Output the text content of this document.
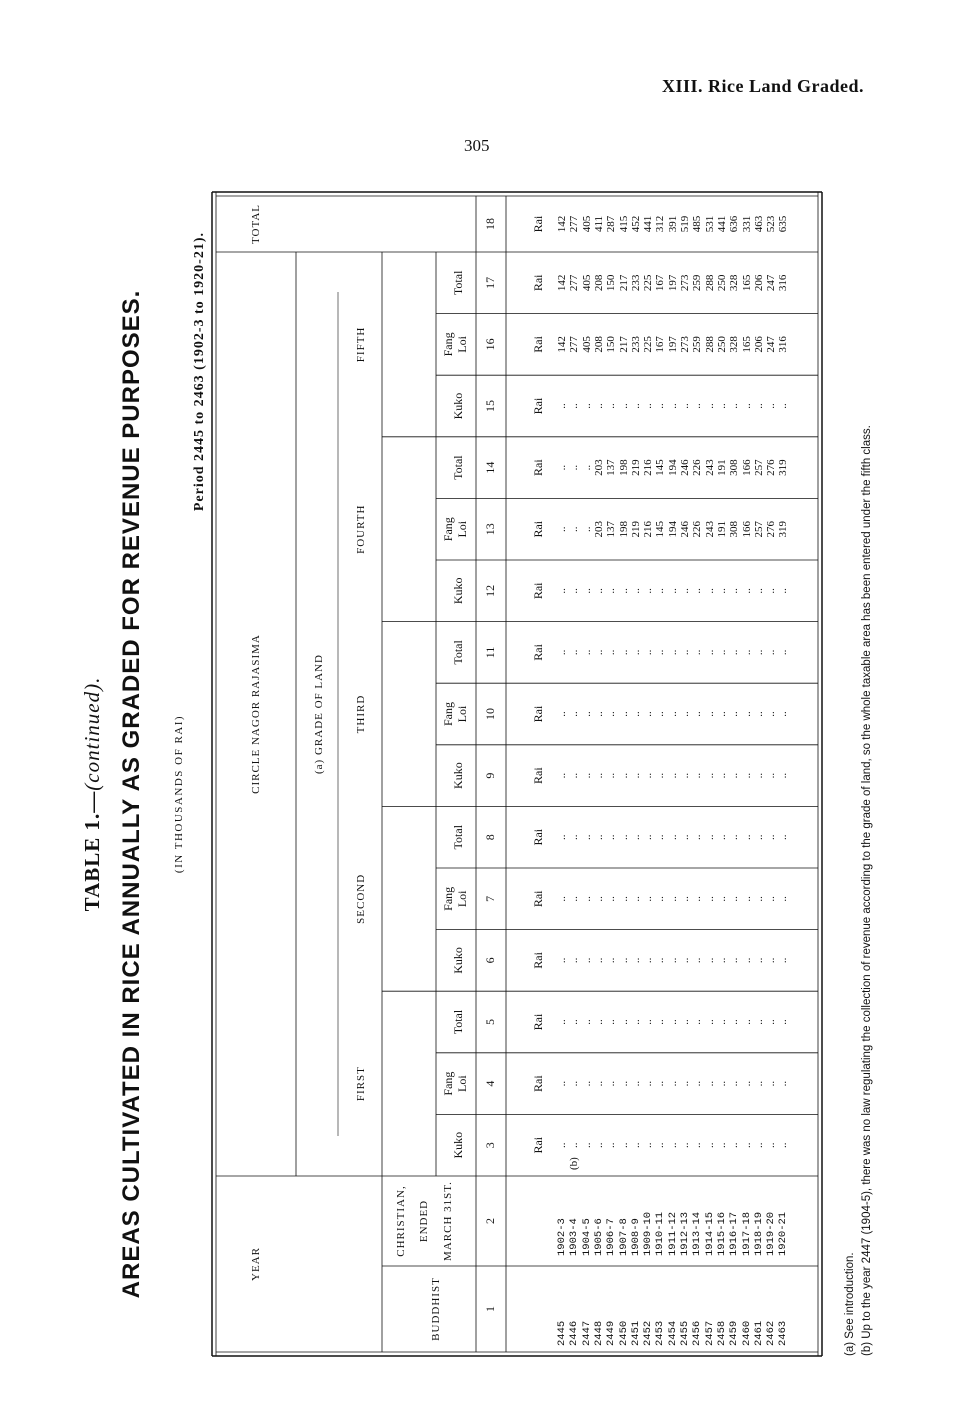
XIII. Rice Land Graded.
305
TABLE 1.—(continued). AREAS CULTIVATED IN RICE ANNUALLY AS GRADED FOR REVENUE PURPOSES.	(IN THOUSANDS OF RAI)
Period 2445 to 2463 (1902-3 to 1920-21).
YEAR
CIRCLE NAGOR RAJASIMA
TOTAL
(a) GRADE OF LAND
BUDDHIST
CHRISTIAN, ENDED MARCH 31ST.
FIRST
Kuko
Fang Loi
Total
SECOND
Kuko
Fang Loi
Total
THIRD
Kuko
Fang Loi
Total
FOURTH
Kuko
Fang Loi
Total
FIFTH
Kuko
Fang Loi
Total
1
2
3
4
5
6
7
8
9
10
11
12
13
14
15
16
17
18
Rai
Rai
Rai
Rai
Rai
Rai
Rai
Rai
Rai
Rai
Rai
Rai
Rai
Rai
Rai
Rai
2445
1902-3
..
..
..
..
..
..
..
..
..
..
..
..
..
142
142
142
2446
1903-4
..
..
..
..
..
..
..
..
..
..
..
..
..
277
277
277
2447
1904-5
..
..
..
..
..
..
..
..
..
..
..
..
..
405
405
405
2448
1905-6
..
..
..
..
..
..
..
..
..
..
..
203
203
208
208
411
2449
1906-7
..
..
..
..
..
..
..
..
..
..
..
137
137
150
150
287
2450
1907-8
..
..
..
..
..
..
..
..
..
..
..
198
198
217
217
415
2451
1908-9
..
..
..
..
..
..
..
..
..
..
..
219
219
233
233
452
2452
1909-10
..
..
..
..
..
..
..
..
..
..
..
216
216
225
225
441
2453
1910-11
..
..
..
..
..
..
..
..
..
..
..
145
145
167
167
312
2454
1911-12
..
..
..
..
..
..
..
..
..
..
..
194
194
197
197
391
2455
1912-13
..
..
..
..
..
..
..
..
..
..
..
246
246
273
273
519
2456
1913-14
..
..
..
..
..
..
..
..
..
..
..
226
226
259
259
485
2457
1914-15
..
..
..
..
..
..
..
..
..
..
..
243
243
288
288
531
2458
1915-16
..
..
..
..
..
..
..
..
..
..
..
191
191
250
250
441
2459
1916-17
..
..
..
..
..
..
..
..
..
..
..
308
308
328
328
636
2460
1917-18
..
..
..
..
..
..
..
..
..
..
..
166
166
165
165
331
2461
1918-19
..
..
..
..
..
..
..
..
..
..
..
257
257
206
206
463
2462
1919-20
..
..
..
..
..
..
..
..
..
..
..
276
276
247
247
523
2463
1920-21
..
..
..
..
..
..
..
..
..
..
..
319
319
316
316
635
(b)
(a) See introduction. (b) Up to the year 2447 (1904-5), there was no law regulating the collection of revenue according to the grade of land, so the whole taxable area has been entered under the fifth class.
